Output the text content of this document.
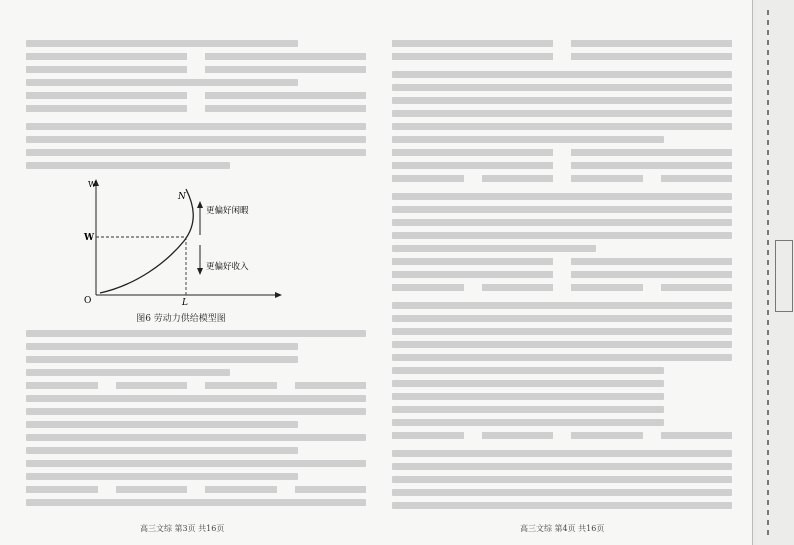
W
O
N
W
更偏好闲暇
更偏好收入
L
图6 劳动力供给模型图
高三文综 第3页 共16页	高三文综 第4页 共16页
